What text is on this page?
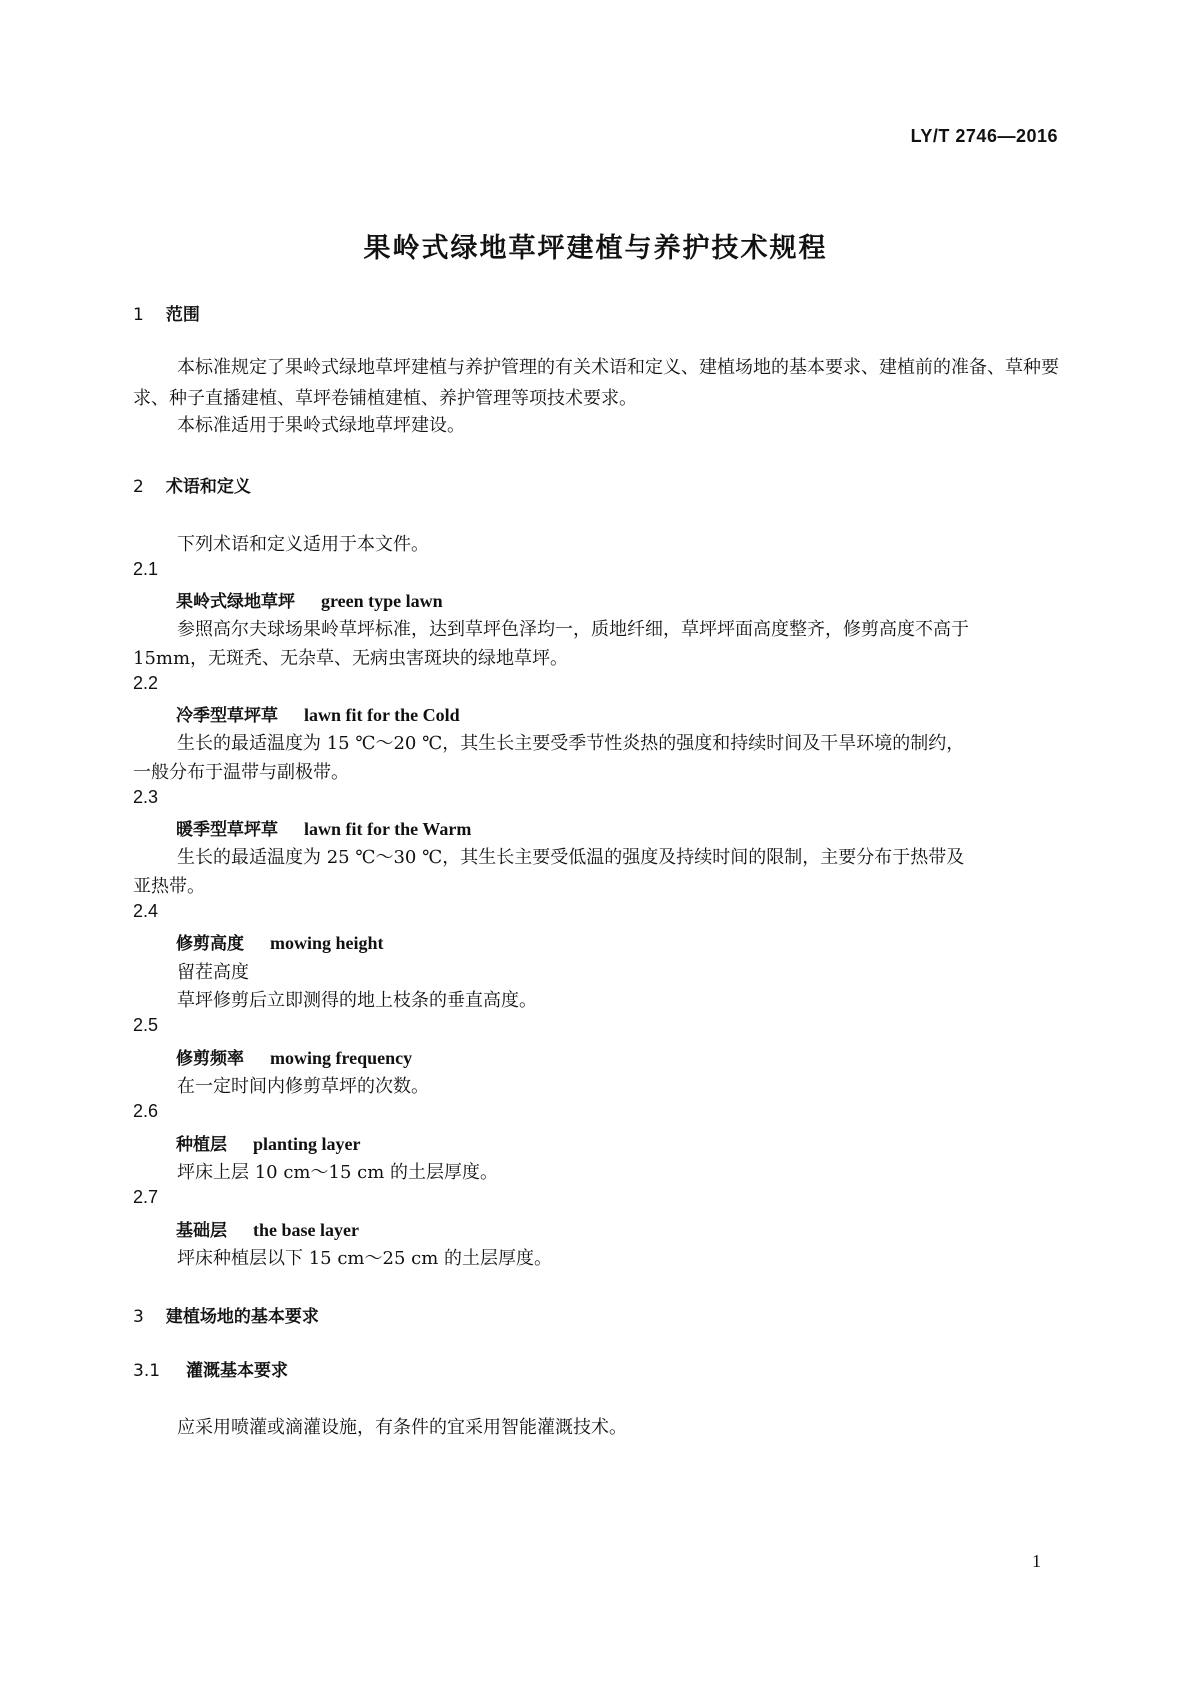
LY/T 2746—2016
果岭式绿地草坪建植与养护技术规程
1 范围
本标准规定了果岭式绿地草坪建植与养护管理的有关术语和定义、建植场地的基本要求、建植前的准备、草种要求、种子直播建植、草坪卷铺植建植、养护管理等项技术要求。
本标准适用于果岭式绿地草坪建设。
2 术语和定义
下列术语和定义适用于本文件。
2.1
果岭式绿地草坪 green type lawn
参照高尔夫球场果岭草坪标准，达到草坪色泽均一，质地纤细，草坪坪面高度整齐，修剪高度不高于
15mm，无斑秃、无杂草、无病虫害斑块的绿地草坪。
2.2
冷季型草坪草 lawn fit for the Cold
生长的最适温度为 15 ℃～20 ℃，其生长主要受季节性炎热的强度和持续时间及干旱环境的制约，
一般分布于温带与副极带。
2.3
暖季型草坪草 lawn fit for the Warm
生长的最适温度为 25 ℃～30 ℃，其生长主要受低温的强度及持续时间的限制，主要分布于热带及
亚热带。
2.4
修剪高度 mowing height
留茬高度
草坪修剪后立即测得的地上枝条的垂直高度。
2.5
修剪频率 mowing frequency
在一定时间内修剪草坪的次数。
2.6
种植层 planting layer
坪床上层 10 cm～15 cm 的土层厚度。
2.7
基础层 the base layer
坪床种植层以下 15 cm～25 cm 的土层厚度。
3 建植场地的基本要求
3.1 灌溉基本要求
应采用喷灌或滴灌设施，有条件的宜采用智能灌溉技术。
1
